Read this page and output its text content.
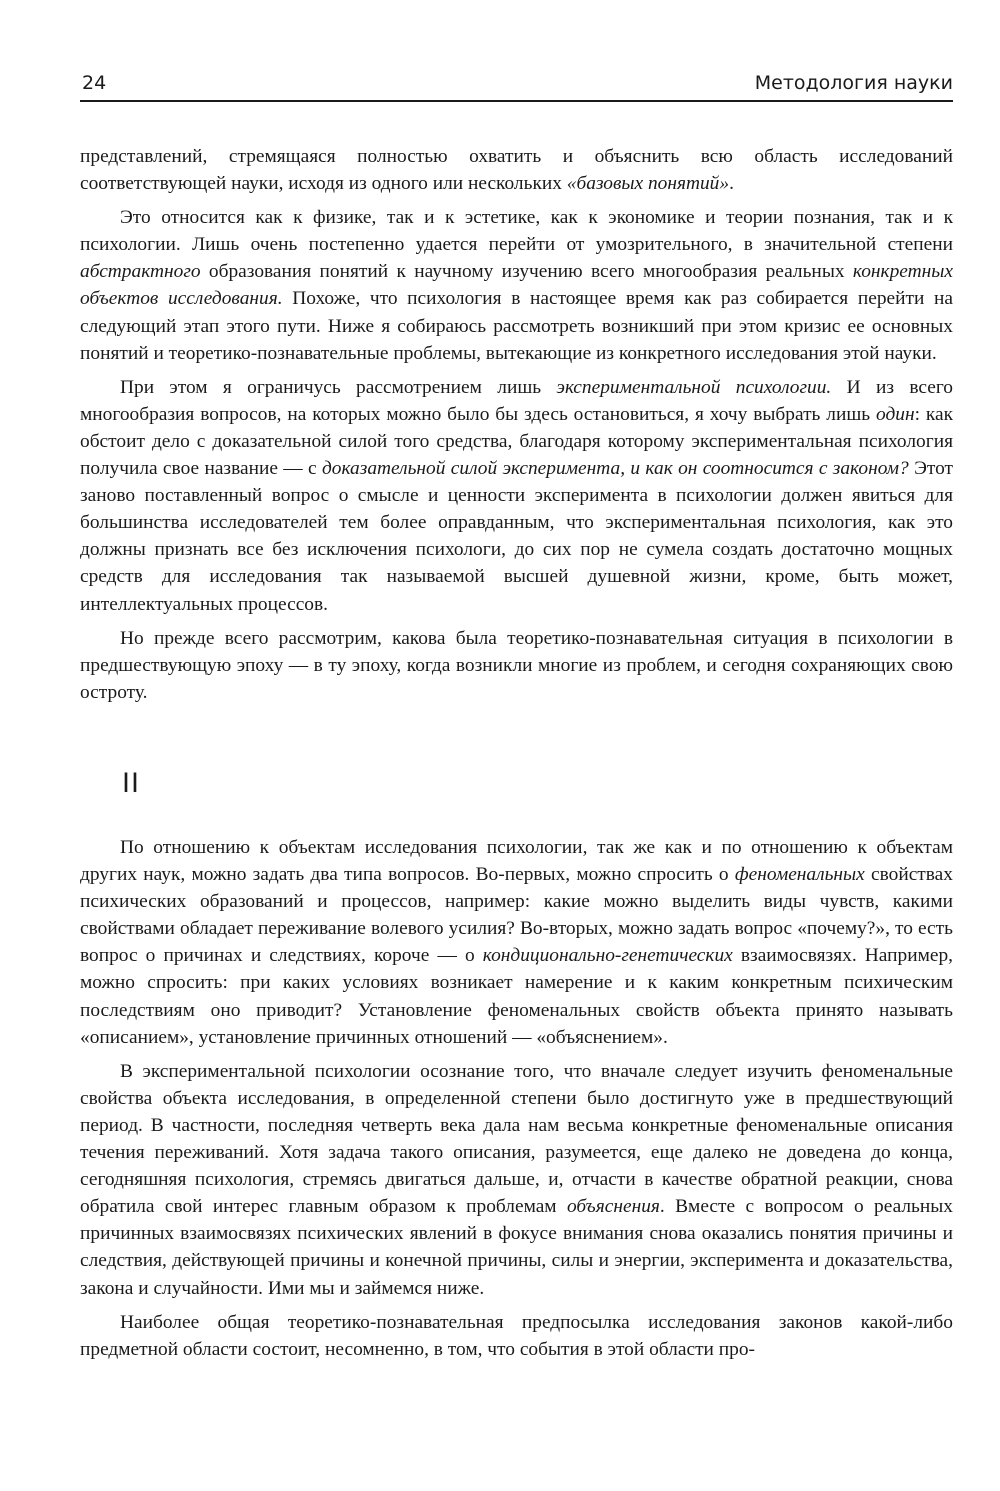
24	Методология науки

представлений, стремящаяся полностью охватить и объяснить всю область исследований соответствующей науки, исходя из одного или нескольких «базовых понятий».

Это относится как к физике, так и к эстетике, как к экономике и теории познания, так и к психологии. Лишь очень постепенно удается перейти от умозрительного, в значительной степени абстрактного образования понятий к научному изучению всего многообразия реальных конкретных объектов исследования. Похоже, что психология в настоящее время как раз собирается перейти на следующий этап этого пути. Ниже я собираюсь рассмотреть возникший при этом кризис ее основных понятий и теоретико-познавательные проблемы, вытекающие из конкретного исследования этой науки.

При этом я ограничусь рассмотрением лишь экспериментальной психологии. И из всего многообразия вопросов, на которых можно было бы здесь остановиться, я хочу выбрать лишь один: как обстоит дело с доказательной силой того средства, благодаря которому экспериментальная психология получила свое название — с доказательной силой эксперимента, и как он соотносится с законом? Этот заново поставленный вопрос о смысле и ценности эксперимента в психологии должен явиться для большинства исследователей тем более оправданным, что экспериментальная психология, как это должны признать все без исключения психологи, до сих пор не сумела создать достаточно мощных средств для исследования так называемой высшей душевной жизни, кроме, быть может, интеллектуальных процессов.

Но прежде всего рассмотрим, какова была теоретико-познавательная ситуация в психологии в предшествующую эпоху — в ту эпоху, когда возникли многие из проблем, и сегодня сохраняющих свою остроту.

II

По отношению к объектам исследования психологии, так же как и по отношению к объектам других наук, можно задать два типа вопросов. Во-первых, можно спросить о феноменальных свойствах психических образований и процессов, например: какие можно выделить виды чувств, какими свойствами обладает переживание волевого усилия? Во-вторых, можно задать вопрос «почему?», то есть вопрос о причинах и следствиях, короче — о кондиционально-генетических взаимосвязях. Например, можно спросить: при каких условиях возникает намерение и к каким конкретным психическим последствиям оно приводит? Установление феноменальных свойств объекта принято называть «описанием», установление причинных отношений — «объяснением».

В экспериментальной психологии осознание того, что вначале следует изучить феноменальные свойства объекта исследования, в определенной степени было достигнуто уже в предшествующий период. В частности, последняя четверть века дала нам весьма конкретные феноменальные описания течения переживаний. Хотя задача такого описания, разумеется, еще далеко не доведена до конца, сегодняшняя психология, стремясь двигаться дальше, и, отчасти в качестве обратной реакции, снова обратила свой интерес главным образом к проблемам объяснения. Вместе с вопросом о реальных причинных взаимосвязях психических явлений в фокусе внимания снова оказались понятия причины и следствия, действующей причины и конечной причины, силы и энергии, эксперимента и доказательства, закона и случайности. Ими мы и займемся ниже.

Наиболее общая теоретико-познавательная предпосылка исследования законов какой-либо предметной области состоит, несомненно, в том, что события в этой области про-
